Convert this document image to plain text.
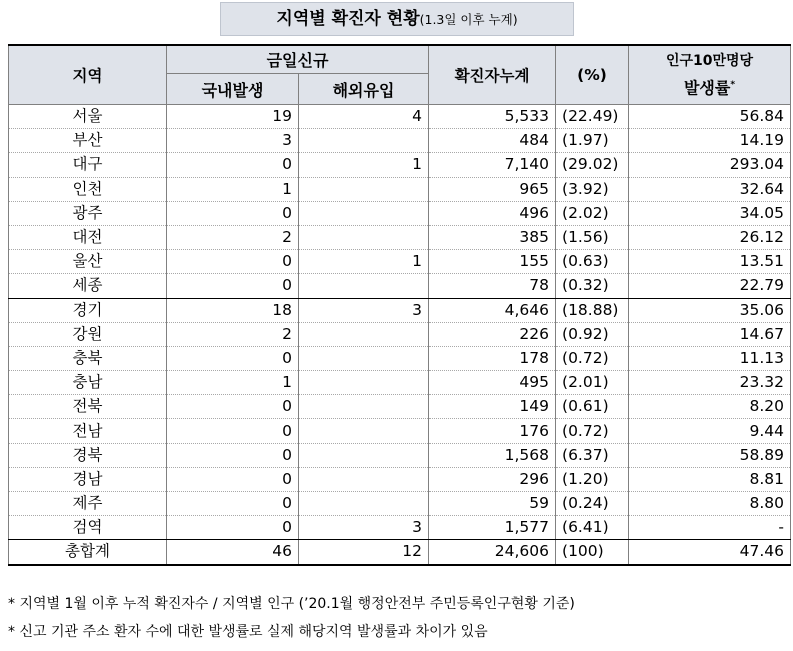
지역별 확진자 현황(1.3일 이후 누계)
지역	금일신규		확진자누계	(%)	인구10만명당
발생률*

	국내발생	해외유입			
서울	19	4	5,533	(22.49)	56.84
부산	3		484	(1.97)	14.19
대구	0	1	7,140	(29.02)	293.04
인천	1		965	(3.92)	32.64
광주	0		496	(2.02)	34.05
대전	2		385	(1.56)	26.12
울산	0	1	155	(0.63)	13.51
세종	0		78	(0.32)	22.79
경기	18	3	4,646	(18.88)	35.06
강원	2		226	(0.92)	14.67
충북	0		178	(0.72)	11.13
충남	1		495	(2.01)	23.32
전북	0		149	(0.61)	8.20
전남	0		176	(0.72)	9.44
경북	0		1,568	(6.37)	58.89
경남	0		296	(1.20)	8.81
제주	0		59	(0.24)	8.80
검역	0	3	1,577	(6.41)	-
총합계	46	12	24,606	(100)	47.46
* 지역별 1월 이후 누적 확진자수 / 지역별 인구 (’20.1월 행정안전부 주민등록인구현황 기준)
* 신고 기관 주소 환자 수에 대한 발생률로 실제 해당지역 발생률과 차이가 있음
